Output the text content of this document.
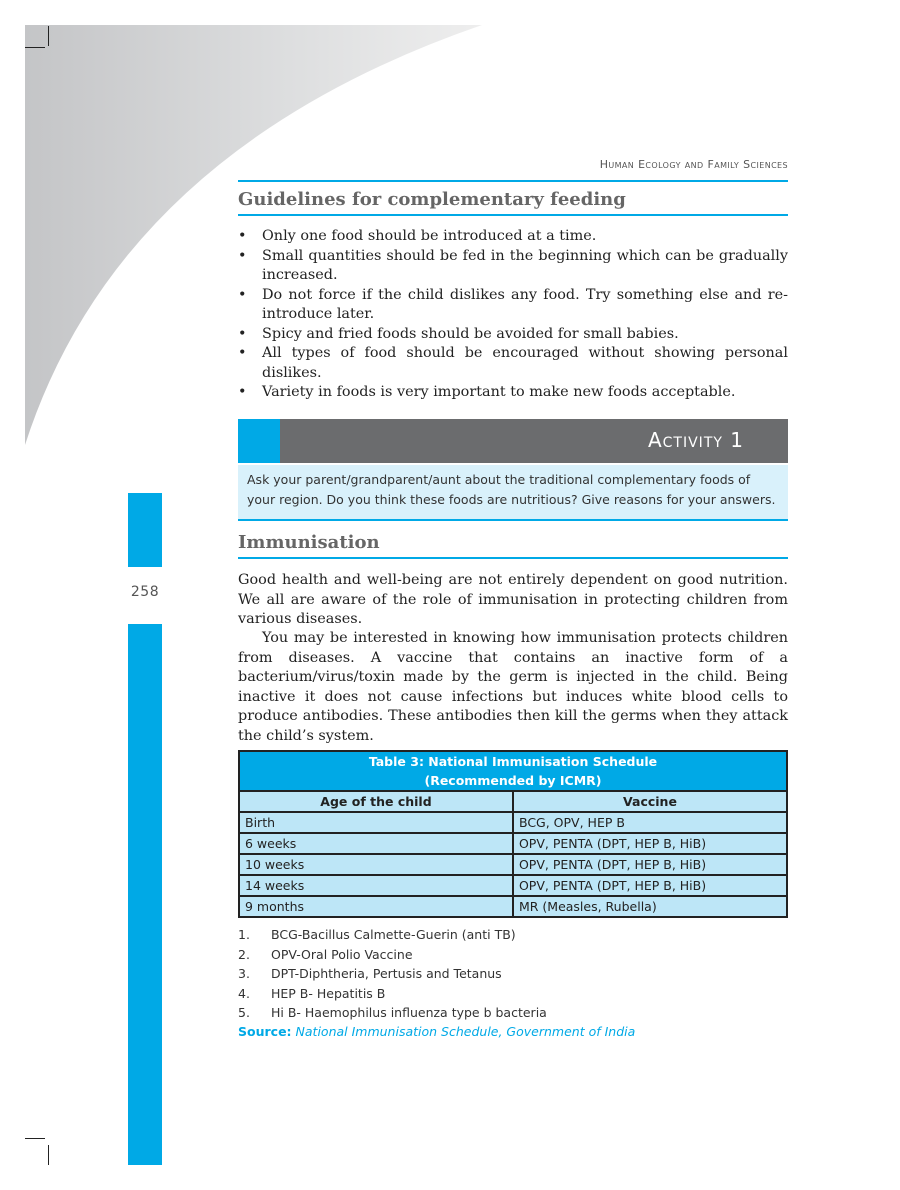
258
Human Ecology and Family Sciences
Guidelines for complementary feeding
• Only one food should be introduced at a time.
• Small quantities should be fed in the beginning which can be gradually increased.
• Do not force if the child dislikes any food. Try something else and re-introduce later.
• Spicy and fried foods should be avoided for small babies.
• All types of food should be encouraged without showing personal dislikes.
• Variety in foods is very important to make new foods acceptable.
Activity 1
Ask your parent/grandparent/aunt about the traditional complementary foods of your region. Do you think these foods are nutritious? Give reasons for your answers.
Immunisation

Good health and well-being are not entirely dependent on good nutrition. We all are aware of the role of immunisation in protecting children from various diseases.

You may be interested in knowing how immunisation protects children from diseases. A vaccine that contains an inactive form of a bacterium/virus/toxin made by the germ is injected in the child. Being inactive it does not cause infections but induces white blood cells to produce antibodies. These antibodies then kill the germs when they attack the child’s system.

Table 3: National Immunisation Schedule
(Recommended by ICMR)	

Age of the child	Vaccine
Birth	BCG, OPV, HEP B
6 weeks	OPV, PENTA (DPT, HEP B, HiB)
10 weeks	OPV, PENTA (DPT, HEP B, HiB)
14 weeks	OPV, PENTA (DPT, HEP B, HiB)
9 months	MR (Measles, Rubella)
1.	BCG-Bacillus Calmette-Guerin (anti TB)
2.	OPV-Oral Polio Vaccine
3.	DPT-Diphtheria, Pertusis and Tetanus
4.	HEP B- Hepatitis B
5.	Hi B- Haemophilus influenza type b bacteria
Source: National Immunisation Schedule, Government of India
